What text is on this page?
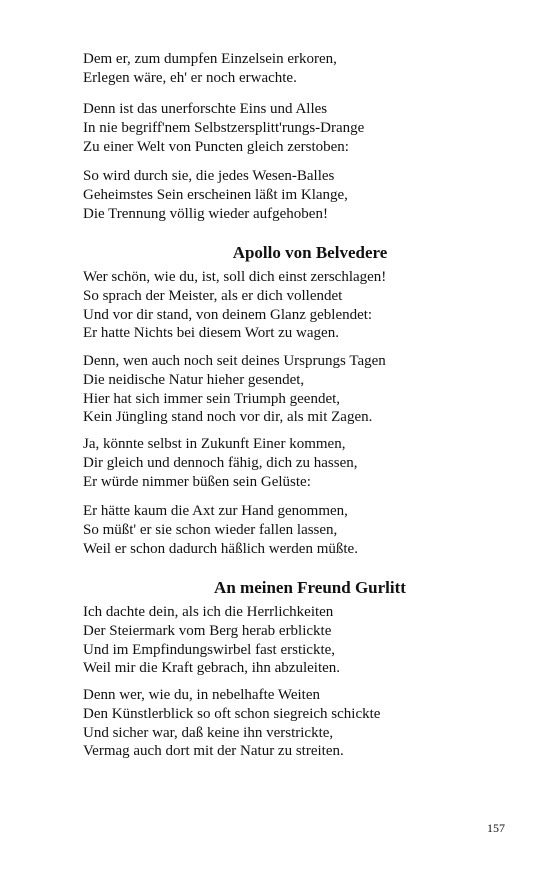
Dem er, zum dumpfen Einzelsein erkoren,
Erlegen wäre, eh' er noch erwachte.
Denn ist das unerforschte Eins und Alles
In nie begriff'nem Selbstzersplitt'rungs-Drange
Zu einer Welt von Puncten gleich zerstoben:
So wird durch sie, die jedes Wesen-Balles
Geheimstes Sein erscheinen läßt im Klange,
Die Trennung völlig wieder aufgehoben!
Apollo von Belvedere
Wer schön, wie du, ist, soll dich einst zerschlagen!
So sprach der Meister, als er dich vollendet
Und vor dir stand, von deinem Glanz geblendet:
Er hatte Nichts bei diesem Wort zu wagen.
Denn, wen auch noch seit deines Ursprungs Tagen
Die neidische Natur hieher gesendet,
Hier hat sich immer sein Triumph geendet,
Kein Jüngling stand noch vor dir, als mit Zagen.
Ja, könnte selbst in Zukunft Einer kommen,
Dir gleich und dennoch fähig, dich zu hassen,
Er würde nimmer büßen sein Gelüste:
Er hätte kaum die Axt zur Hand genommen,
So müßt' er sie schon wieder fallen lassen,
Weil er schon dadurch häßlich werden müßte.
An meinen Freund Gurlitt
Ich dachte dein, als ich die Herrlichkeiten
Der Steiermark vom Berg herab erblickte
Und im Empfindungswirbel fast erstickte,
Weil mir die Kraft gebrach, ihn abzuleiten.
Denn wer, wie du, in nebelhafte Weiten
Den Künstlerblick so oft schon siegreich schickte
Und sicher war, daß keine ihn verstrickte,
Vermag auch dort mit der Natur zu streiten.
157
